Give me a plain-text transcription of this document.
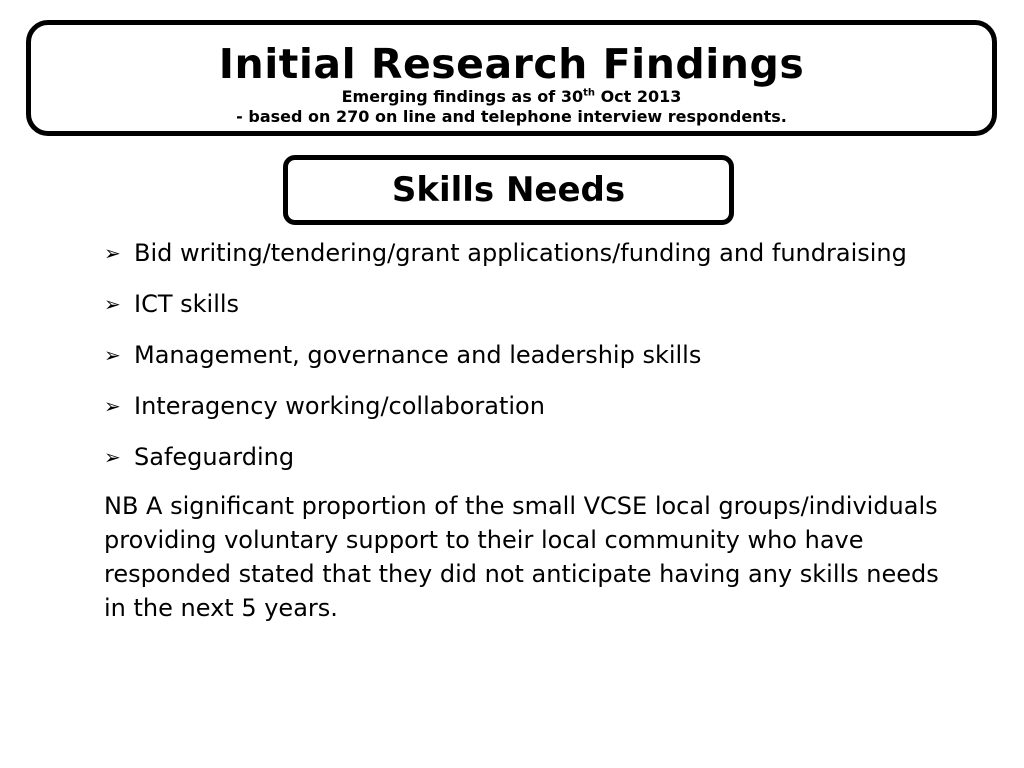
Initial Research Findings
Emerging findings as of 30th Oct 2013
- based on 270 on line and telephone interview respondents.
Skills Needs
➢ Bid writing/tendering/grant applications/funding and fundraising
➢ ICT skills
➢ Management, governance and leadership skills
➢ Interagency working/collaboration
➢ Safeguarding
NB A significant proportion of the small VCSE local groups/individuals providing voluntary support to their local community who have responded stated that they did not anticipate having any skills needs in the next 5 years.
